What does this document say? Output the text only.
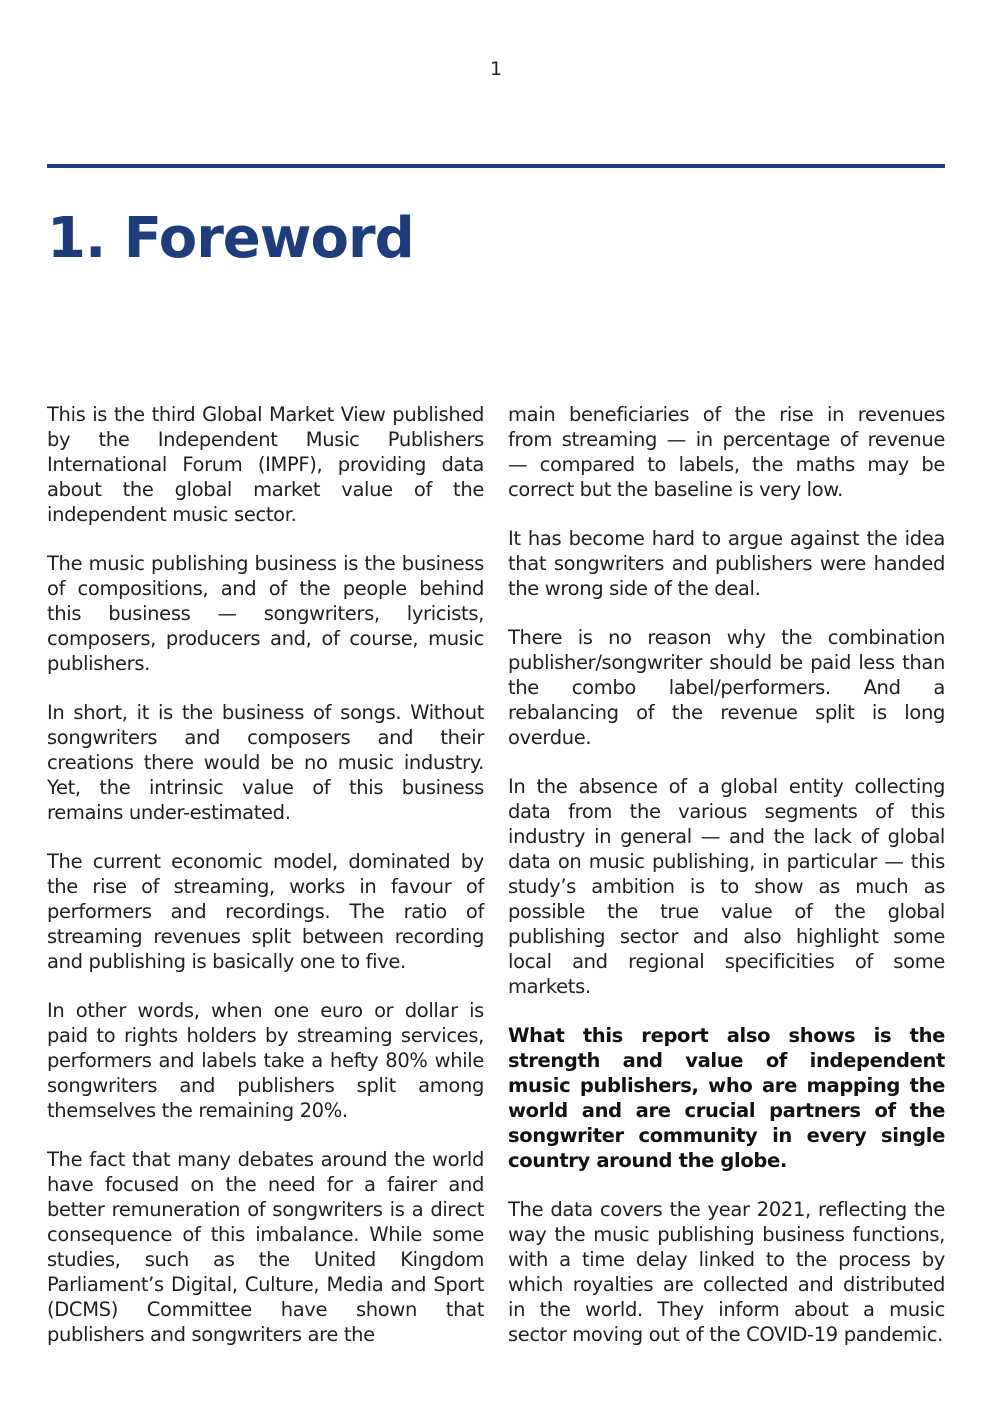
1
1. Foreword

This is the third Global Market View published by the Independent Music Publishers International Forum (IMPF), providing data about the global market value of the independent music sector.

The music publishing business is the business of compositions, and of the people behind this business — songwriters, lyricists, composers, producers and, of course, music publishers.

In short, it is the business of songs. Without songwriters and composers and their creations there would be no music industry. Yet, the intrinsic value of this business remains under-estimated.

The current economic model, dominated by the rise of streaming, works in favour of performers and recordings. The ratio of streaming revenues split between recording and publishing is basically one to five.

In other words, when one euro or dollar is paid to rights holders by streaming services, performers and labels take a hefty 80% while songwriters and publishers split among themselves the remaining 20%.

The fact that many debates around the world have focused on the need for a fairer and better remuneration of songwriters is a direct consequence of this imbalance. While some studies, such as the United Kingdom Parliament’s Digital, Culture, Media and Sport (DCMS) Committee have shown that publishers and songwriters are the

main beneficiaries of the rise in revenues from streaming — in percentage of revenue — compared to labels, the maths may be correct but the baseline is very low.

It has become hard to argue against the idea that songwriters and publishers were handed the wrong side of the deal.

There is no reason why the combination publisher/songwriter should be paid less than the combo label/performers. And a rebalancing of the revenue split is long overdue.

In the absence of a global entity collecting data from the various segments of this industry in general — and the lack of global data on music publishing, in particular — this study’s ambition is to show as much as possible the true value of the global publishing sector and also highlight some local and regional specificities of some markets.

What this report also shows is the strength and value of independent music publishers, who are mapping the world and are crucial partners of the songwriter community in every single country around the globe.

The data covers the year 2021, reflecting the way the music publishing business functions, with a time delay linked to the process by which royalties are collected and distributed in the world. They inform about a music sector moving out of the COVID-19 pandemic.
